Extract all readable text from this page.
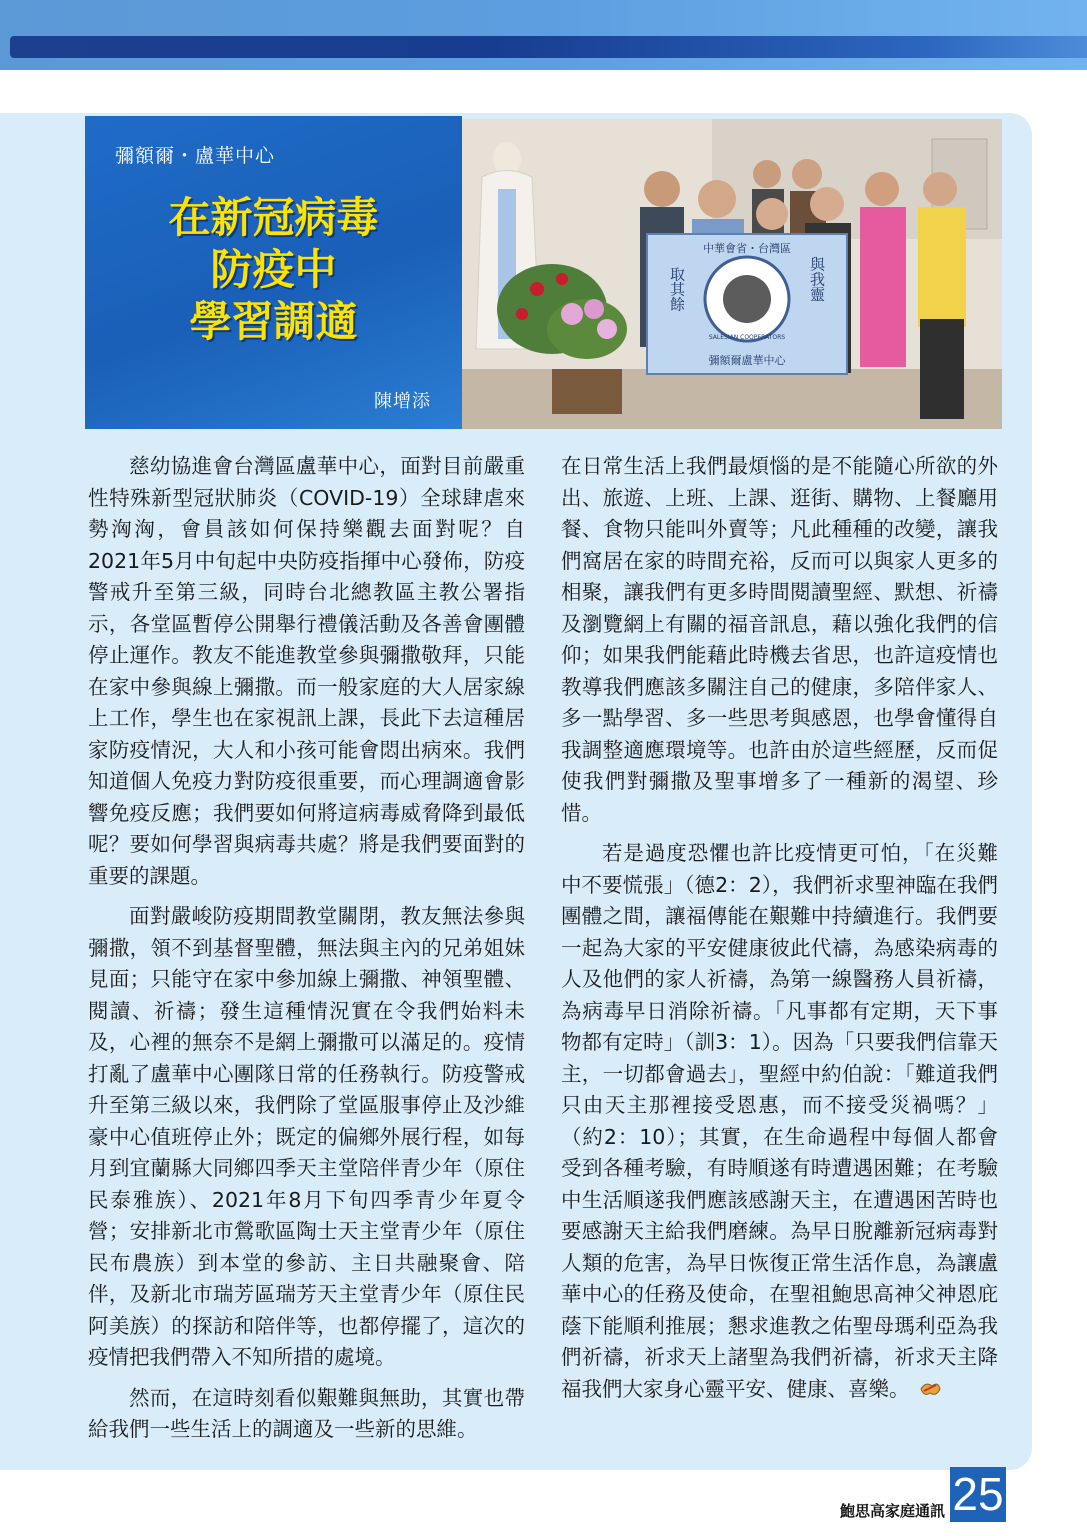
彌額爾・盧華中心
在新冠病毒
防疫中
學習調適
陳增添
中華會省・台灣區
彌額爾盧華中心
取其餘	與我靈
SALESIAN COOPERATORS

慈幼協進會台灣區盧華中心，面對目前嚴重性特殊新型冠狀肺炎（COVID-19）全球肆虐來勢洶洶，會員該如何保持樂觀去面對呢？自2021年5月中旬起中央防疫指揮中心發佈，防疫警戒升至第三級，同時台北總教區主教公署指示，各堂區暫停公開舉行禮儀活動及各善會團體停止運作。教友不能進教堂參與彌撒敬拜，只能在家中參與線上彌撒。而一般家庭的大人居家線上工作，學生也在家視訊上課，長此下去這種居家防疫情況，大人和小孩可能會悶出病來。我們知道個人免疫力對防疫很重要，而心理調適會影響免疫反應；我們要如何將這病毒威脅降到最低呢？要如何學習與病毒共處？將是我們要面對的重要的課題。

面對嚴峻防疫期間教堂關閉，教友無法參與彌撒，領不到基督聖體，無法與主內的兄弟姐妹見面；只能守在家中參加線上彌撒、神領聖體、閱讀、祈禱；發生這種情況實在令我們始料未及，心裡的無奈不是網上彌撒可以滿足的。疫情打亂了盧華中心團隊日常的任務執行。防疫警戒升至第三級以來，我們除了堂區服事停止及沙維豪中心值班停止外；既定的偏鄉外展行程，如每月到宜蘭縣大同鄉四季天主堂陪伴青少年（原住民泰雅族）、2021年8月下旬四季青少年夏令營；安排新北市鶯歌區陶士天主堂青少年（原住民布農族）到本堂的參訪、主日共融聚會、陪伴，及新北市瑞芳區瑞芳天主堂青少年（原住民阿美族）的探訪和陪伴等，也都停擺了，這次的疫情把我們帶入不知所措的處境。

然而，在這時刻看似艱難與無助，其實也帶給我們一些生活上的調適及一些新的思維。

在日常生活上我們最煩惱的是不能隨心所欲的外出、旅遊、上班、上課、逛街、購物、上餐廳用餐、食物只能叫外賣等；凡此種種的改變，讓我們窩居在家的時間充裕，反而可以與家人更多的相聚，讓我們有更多時間閱讀聖經、默想、祈禱及瀏覽網上有關的福音訊息，藉以強化我們的信仰；如果我們能藉此時機去省思，也許這疫情也教導我們應該多關注自己的健康，多陪伴家人、多一點學習、多一些思考與感恩，也學會懂得自我調整適應環境等。也許由於這些經歷，反而促使我們對彌撒及聖事增多了一種新的渴望、珍惜。

若是過度恐懼也許比疫情更可怕，「在災難中不要慌張」（德2：2），我們祈求聖神臨在我們團體之間，讓福傳能在艱難中持續進行。我們要一起為大家的平安健康彼此代禱，為感染病毒的人及他們的家人祈禱，為第一線醫務人員祈禱，為病毒早日消除祈禱。「凡事都有定期，天下事物都有定時」（訓3：1）。因為「只要我們信靠天主，一切都會過去」，聖經中約伯說：「難道我們只由天主那裡接受恩惠，而不接受災禍嗎？」（約2：10）；其實，在生命過程中每個人都會受到各種考驗，有時順遂有時遭遇困難；在考驗中生活順遂我們應該感謝天主，在遭遇困苦時也要感謝天主給我們磨練。為早日脫離新冠病毒對人類的危害，為早日恢復正常生活作息，為讓盧華中心的任務及使命，在聖祖鮑思高神父神恩庇蔭下能順利推展；懇求進教之佑聖母瑪利亞為我們祈禱，祈求天上諸聖為我們祈禱，祈求天主降福我們大家身心靈平安、健康、喜樂。

鮑思高家庭通訊 25
